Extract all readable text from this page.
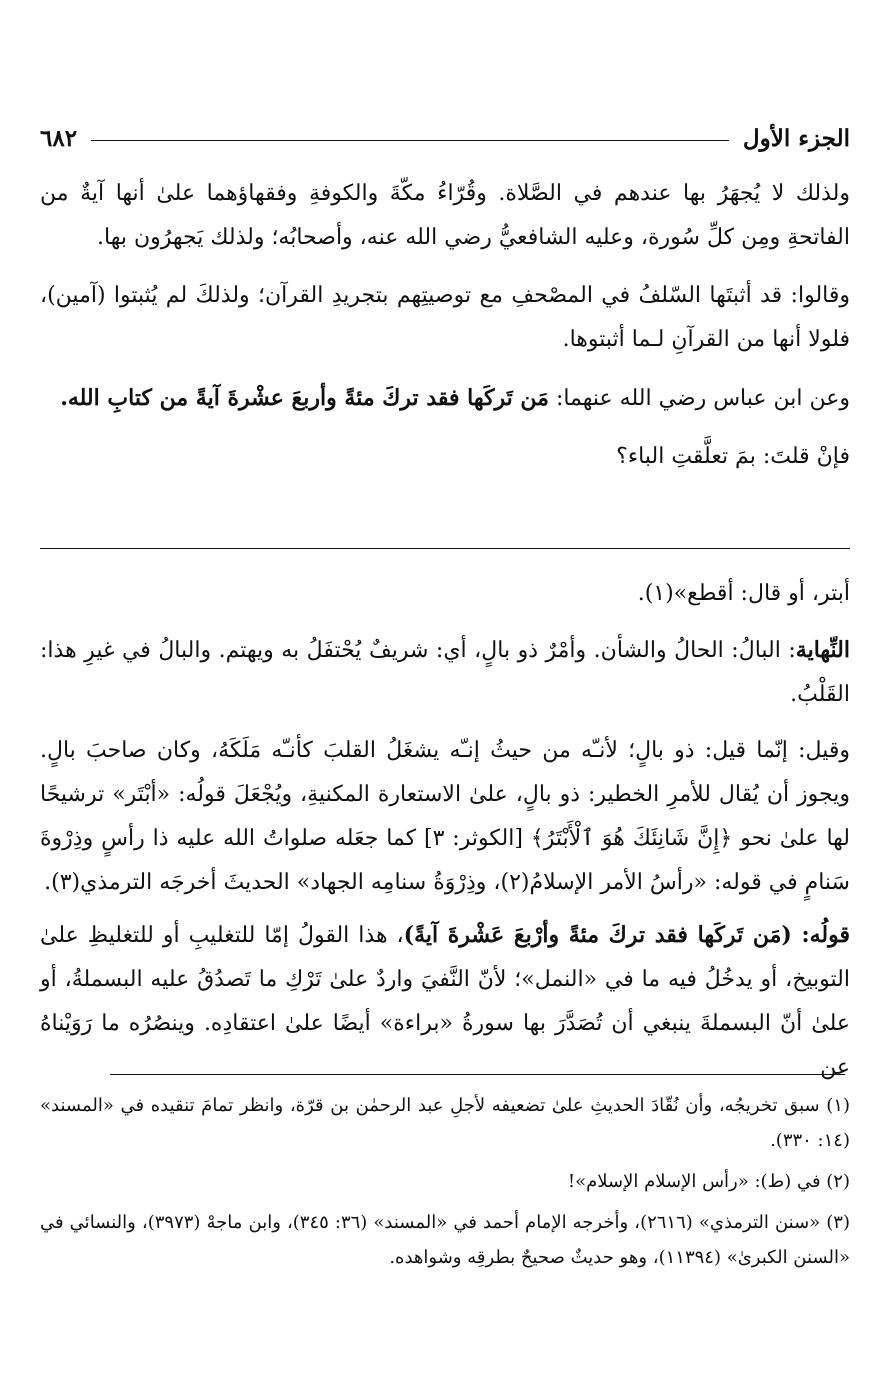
الجزء الأول
٦٨٢

ولذلك لا يُجهَرُ بها عندهم في الصَّلاة. وقُرّاءُ مكّةَ والكوفةِ وفقهاؤهما علىٰ أنها آيةٌ من الفاتحةِ ومِن كلِّ سُورة، وعليه الشافعيُّ رضي الله عنه، وأصحابُه؛ ولذلك يَجهرُون بها.

وقالوا: قد أثبتَها السّلفُ في المصْحفِ مع توصيتِهم بتجريدِ القرآن؛ ولذلكَ لم يُثبتوا (آمين)، فلولا أنها من القرآنِ لـما أثبتوها.

وعن ابن عباس رضي الله عنهما: مَن تَركَها فقد تركَ مئةً وأربعَ عشْرةَ آيةً من كتابِ الله.

فإنْ قلتَ: بمَ تعلَّقتِ الباء؟

أبتر، أو قال: أقطع»(١).

النِّهاية: البالُ: الحالُ والشأن. وأمْرٌ ذو بالٍ، أي: شريفٌ يُحْتفَلُ به ويهتم. والبالُ في غيرِ هذا: القَلْبُ.

وقيل: إنّما قيل: ذو بالٍ؛ لأنـّه من حيثُ إنـّه يشغَلُ القلبَ كأنـّه مَلَكَهُ، وكان صاحبَ بالٍ. ويجوز أن يُقال للأمرِ الخطير: ذو بالٍ، علىٰ الاستعارة المكنيةِ، ويُجْعَلَ قولُه: «أبْتَر» ترشيحًا لها علىٰ نحو ﴿إِنَّ شَانِئَكَ هُوَ ٱلْأَبْتَرُ﴾ [الكوثر: ٣] كما جعَله صلواتُ الله عليه ذا رأسٍ وذِرْوةَ سَنامٍ في قوله: «رأسُ الأمر الإسلامُ(٢)، وذِرْوَةُ سنامِه الجهاد» الحديثَ أخرجَه الترمذي(٣).

قولُه: (مَن تَركَها فقد تركَ مئةً وأرْبعَ عَشْرةَ آيةً)، هذا القولُ إمّا للتغليبِ أو للتغليظِ علىٰ التوبيخ، أو يدخُلُ فيه ما في «النمل»؛ لأنّ النَّفيَ واردٌ علىٰ تَرْكِ ما تَصدُقُ عليه البسملةُ، أو علىٰ أنّ البسملةَ ينبغي أن تُصَدَّرَ بها سورةُ «براءة» أيضًا علىٰ اعتقادِه. وينصُرُه ما رَوَيْناهُ عن

(١) سبق تخريجُه، وأن نُقّادَ الحديثِ علىٰ تضعيفه لأجلِ عبد الرحمٰن بن قرّة، وانظر تمامَ تنقيده في «المسند» (١٤: ٣٣٠).

(٢) في (ط): «رأس الإسلام الإسلام»!

(٣) «سنن الترمذي» (٢٦١٦)، وأخرجه الإمام أحمد في «المسند» (٣٦: ٣٤٥)، وابن ماجهْ (٣٩٧٣)، والنسائي في «السنن الكبرىٰ» (١١٣٩٤)، وهو حديثٌ صحيحٌ بطرقِه وشواهده.
